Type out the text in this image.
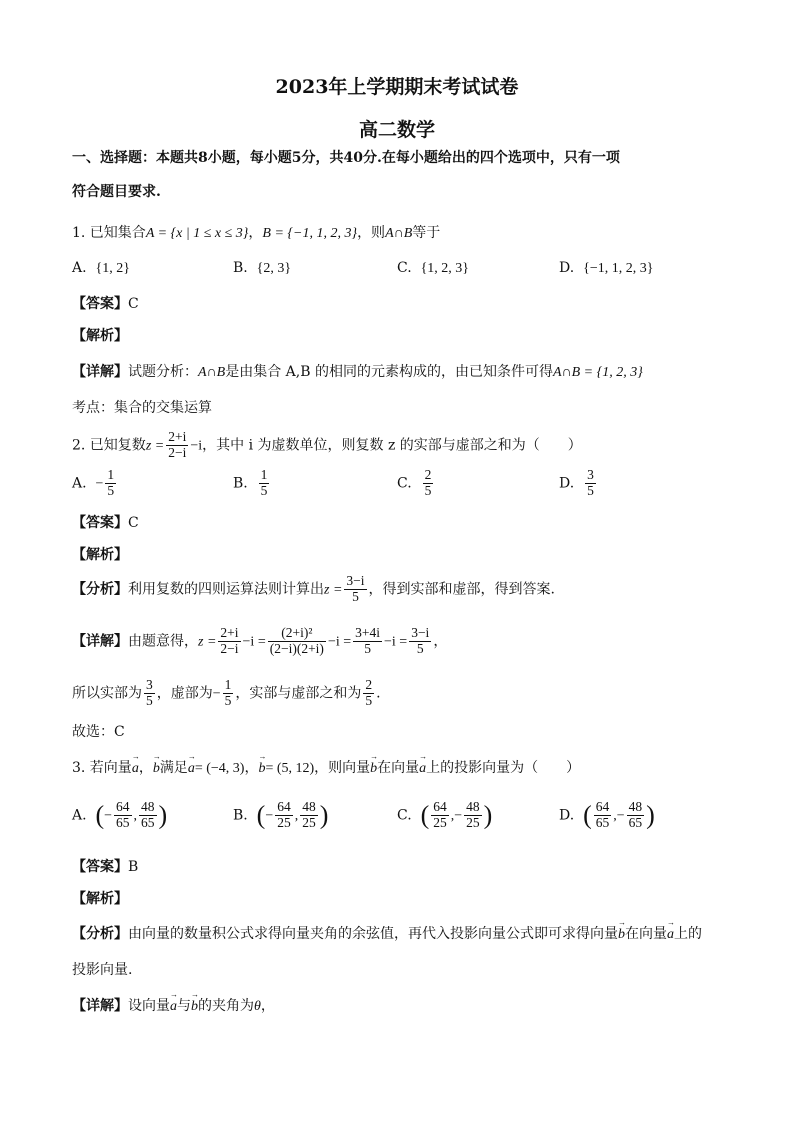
2023年上学期期末考试试卷
高二数学
一、选择题：本题共8小题，每小题5分，共40分.在每小题给出的四个选项中，只有一项
符合题目要求.
1. 已知集合A = {x | 1 ≤ x ≤ 3}，B = {−1, 1, 2, 3}，则A∩B等于
A. {1, 2}	B. {2, 3}	C. {1, 2, 3}	D. {−1, 1, 2, 3}
【答案】C
【解析】
【详解】试题分析：A∩B是由集合 A,B 的相同的元素构成的，由已知条件可得A∩B = {1, 2, 3}
考点：集合的交集运算
2. 已知复数$z = \frac{2+i}{2-i} -i$，其中 i 为虚数单位，则复数 z 的实部与虚部之和为（　　）
A. − $\frac{1}{5}$	B. $\frac{1}{5}$	C. $\frac{2}{5}$	D. $\frac{3}{5}$
【答案】C
【解析】
【分析】利用复数的四则运算法则计算出$z = \frac{3-i}{5}$ ，得到实部和虚部，得到答案.
【详解】由题意得，$z = \frac{2+i}{2-i} -i = \frac{\text{(2+i)²}}{(2-i)(2+i)} -i = \frac{3+4i}{5} -i = \frac{3-i}{5}$ ，
所以实部为 $\frac{3}{5}$ ，虚部为− $\frac{1}{5}$ ，实部与虚部之和为 $\frac{2}{5}$ .
故选：C
3. 若向量→ a，→ b满足→ a= (−4, 3)，→ b= (5, 12)，则向量→ b在向量→ a上的投影向量为（　　）
A. (− $\frac{64}{65}$ , $\frac{48}{65}$ )	B. (− $\frac{64}{25}$ , $\frac{48}{25}$ )	C. ( $\frac{64}{25}$ ,− $\frac{48}{25}$ )	D. ( $\frac{64}{65}$ ,− $\frac{48}{65}$ )
【答案】B
【解析】
【分析】由向量的数量积公式求得向量夹角的余弦值，再代入投影向量公式即可求得向量→ b在向量→ a上的
投影向量.
【详解】设向量→ a与→ b的夹角为θ，
